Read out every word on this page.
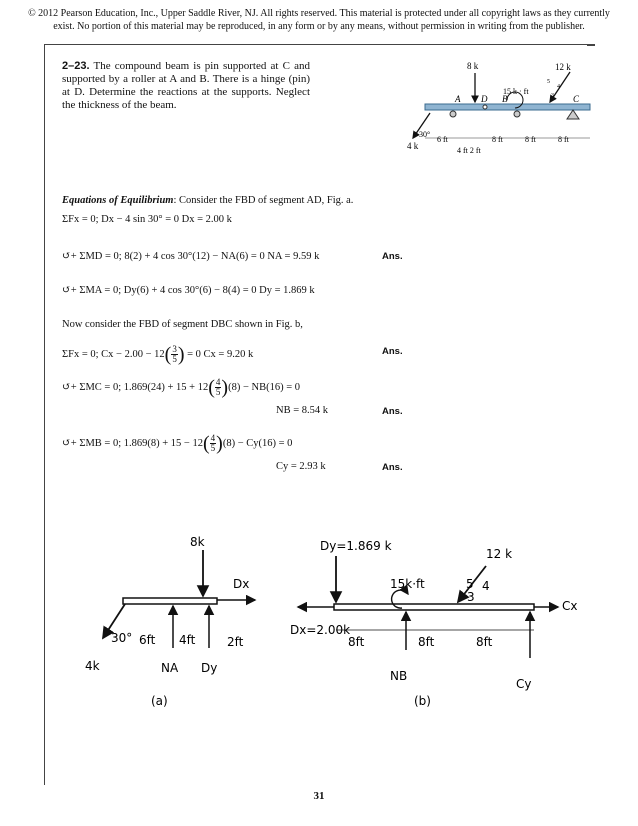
© 2012 Pearson Education, Inc., Upper Saddle River, NJ. All rights reserved. This material is protected under all copyright laws as they currently exist. No portion of this material may be reproduced, in any form or by any means, without permission in writing from the publisher.
2–23. The compound beam is pin supported at C and supported by a roller at A and B. There is a hinge (pin) at D. Determine the reactions at the supports. Neglect the thickness of the beam.
8 k	12 k
5
4
3
15 k · ft
4 k
30°
A D B	C
6 ft
4 ft 2 ft
8 ft	8 ft	8 ft
Equations of Equilibrium: Consider the FBD of segment AD, Fig. a.
ΣFx = 0; Dx − 4 sin 30° = 0 Dx = 2.00 k
↺+ ΣMD = 0; 8(2) + 4 cos 30°(12) − NA(6) = 0 NA = 9.59 k	Ans.
↺+ ΣMA = 0; Dy(6) + 4 cos 30°(6) − 8(4) = 0 Dy = 1.869 k
Now consider the FBD of segment DBC shown in Fig. b,
ΣFx = 0; $Cx - 2.00 - 12( \frac{3}{5}$ ) = 0 Cx = 9.20 k	Ans.
↺+ ΣMC = 0; $1.869(24) + 15 + 12( \frac{4}{5} )(8) - NB(16) = 0$
NB = 8.54 k	Ans.
↺+ ΣMB = 0; $1.869(8) + 15 - 12( \frac{4}{5} )(8) - Cy(16) = 0$
Cy = 2.93 k	Ans.
8k
Dx
30°
4k	NA Dy
6ft 4ft	2ft
(a)
Dy=1.869 k
Dx=2.00k
15k·ft
12 k
5 4
3
Cx
NB
Cy
8ft	8ft	8ft
(b)
31
